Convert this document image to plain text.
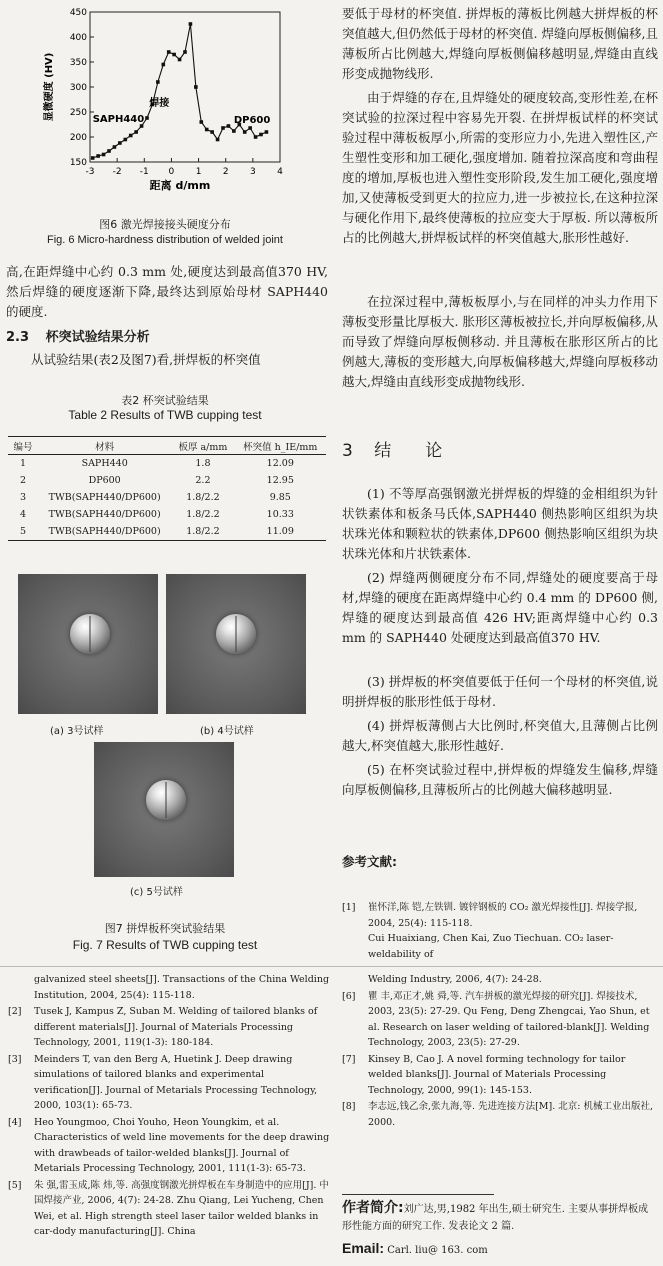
-3 -2 -1 0 1 2 3 4
150
200
250
300
350
400
450
SAPH440
焊接
DP600
距离 d/mm
显微硬度 (HV)
图6 激光焊接接头硬度分布
Fig. 6 Micro-hardness distribution of welded joint
高,在距焊缝中心约 0.3 mm 处,硬度达到最高值370 HV,然后焊缝的硬度逐渐下降,最终达到原始母材 SAPH440 的硬度.
2.3 杯突试验结果分析
从试验结果(表2及图7)看,拼焊板的杯突值
表2 杯突试验结果
Table 2 Results of TWB cupping test
编号	材料	板厚 a/mm	杯突值 h_IE/mm
1	SAPH440	1.8	12.09
2	DP600	2.2	12.95
3	TWB(SAPH440/DP600)	1.8/2.2	9.85
4	TWB(SAPH440/DP600)	1.8/2.2	10.33
5	TWB(SAPH440/DP600)	1.8/2.2	11.09
(a) 3号试样	(b) 4号试样
(c) 5号试样
图7 拼焊板杯突试验结果
Fig. 7 Results of TWB cupping test
要低于母材的杯突值. 拼焊板的薄板比例越大拼焊板的杯突值越大,但仍然低于母材的杯突值. 焊缝向厚板侧偏移,且薄板所占比例越大,焊缝向厚板侧偏移越明显,焊缝由直线形变成抛物线形.
由于焊缝的存在,且焊缝处的硬度较高,变形性差,在杯突试验的拉深过程中容易先开裂. 在拼焊板试样的杯突试验过程中薄板板厚小,所需的变形应力小,先进入塑性区,产生塑性变形和加工硬化,强度增加. 随着拉深高度和弯曲程度的增加,厚板也进入塑性变形阶段,发生加工硬化,强度增加,又使薄板受到更大的拉应力,进一步被拉长,在这种拉深与硬化作用下,最终使薄板的拉应变大于厚板. 所以薄板所占的比例越大,拼焊板试样的杯突值越大,胀形性越好.
在拉深过程中,薄板板厚小,与在同样的冲头力作用下薄板变形量比厚板大. 胀形区薄板被拉长,并向厚板偏移,从而导致了焊缝向厚板侧移动. 并且薄板在胀形区所占的比例越大,薄板的变形越大,向厚板偏移越大,焊缝向厚板移动越大,焊缝由直线形变成抛物线形.
3 结　　论
(1) 不等厚高强钢激光拼焊板的焊缝的金相组织为针状铁素体和板条马氏体,SAPH440 侧热影响区组织为块状珠光体和颗粒状的铁素体,DP600 侧热影响区组织为块状珠光体和片状铁素体.
(2) 焊缝两侧硬度分布不同,焊缝处的硬度要高于母材,焊缝的硬度在距离焊缝中心约 0.4 mm 的 DP600 侧,焊缝的硬度达到最高值 426 HV;距离焊缝中心约 0.3 mm 的 SAPH440 处硬度达到最高值370 HV.
(3) 拼焊板的杯突值要低于任何一个母材的杯突值,说明拼焊板的胀形性低于母材.
(4) 拼焊板薄侧占大比例时,杯突值大,且薄侧占比例越大,杯突值越大,胀形性越好.
(5) 在杯突试验过程中,拼焊板的焊缝发生偏移,焊缝向厚板侧偏移,且薄板所占的比例越大偏移越明显.
参考文献:
[1] 崔怀洋,陈 铠,左铁钏. 镀锌钢板的 CO₂ 激光焊接性[J]. 焊接学报, 2004, 25(4): 115-118.
Cui Huaixiang, Chen Kai, Zuo Tiechuan. CO₂ laser-weldability of
galvanized steel sheets[J]. Transactions of the China Welding Institution, 2004, 25(4): 115-118.
[2] Tusek J, Kampus Z, Suban M. Welding of tailored blanks of different materials[J]. Journal of Materials Processing Technology, 2001, 119(1-3): 180-184.
[3] Meinders T, van den Berg A, Huetink J. Deep drawing simulations of tailored blanks and experimental verification[J]. Journal of Metarials Processing Technology, 2000, 103(1): 65-73.
[4] Heo Youngmoo, Choi Youho, Heon Youngkim, et al. Characteristics of weld line movements for the deep drawing with drawbeads of tailor-welded blanks[J]. Journal of Metarials Processing Technology, 2001, 111(1-3): 65-73.
[5] 朱 强,雷玉成,陈 炜,等. 高强度钢激光拼焊板在车身制造中的应用[J]. 中国焊接产业, 2006, 4(7): 24-28. Zhu Qiang, Lei Yucheng, Chen Wei, et al. High strength steel laser tailor welded blanks in car-dody manufacturing[J]. China
Welding Industry, 2006, 4(7): 24-28.
[6] 瞿 丰,邓正才,姚 舜,等. 汽车拼板的激光焊接的研究[J]. 焊接技术, 2003, 23(5): 27-29. Qu Feng, Deng Zhengcai, Yao Shun, et al. Research on laser welding of tailored-blank[J]. Welding Technology, 2003, 23(5): 27-29.
[7] Kinsey B, Cao J. A novel forming technology for tailor welded blanks[J]. Journal of Materials Processing Technology, 2000, 99(1): 145-153.
[8] 李志远,钱乙余,张九海,等. 先进连接方法[M]. 北京: 机械工业出版社, 2000.
作者简介:刘广达,男,1982 年出生,硕士研究生. 主要从事拼焊板成形性能方面的研究工作. 发表论文 2 篇.
Email: Carl. liu@ 163. com
